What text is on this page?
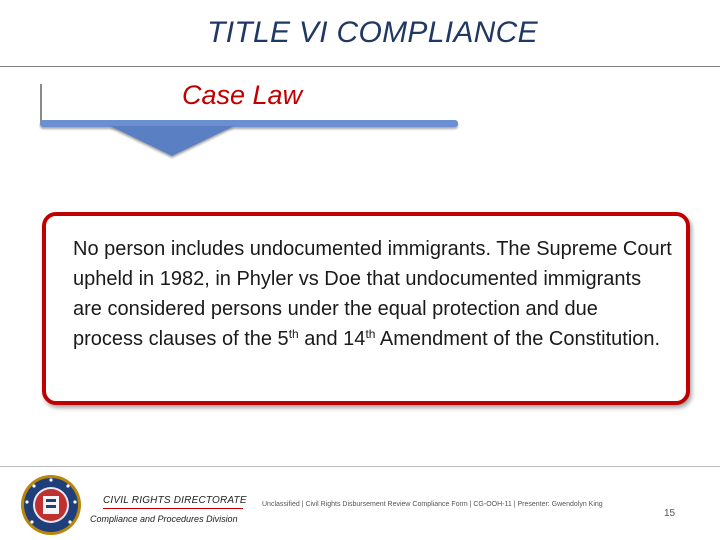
TITLE VI COMPLIANCE
Case Law
No person includes undocumented immigrants. The Supreme Court upheld in 1982, in Phyler vs Doe that undocumented immigrants are considered persons under the equal protection and due process clauses of the 5th and 14th Amendment of the Constitution.
CIVIL RIGHTS DIRECTORATE
Compliance and Procedures Division
Unclassified | Civil Rights Disbursement Review Compliance Form | CG-OOH-11 | Presenter: Gwendolyn King
15
